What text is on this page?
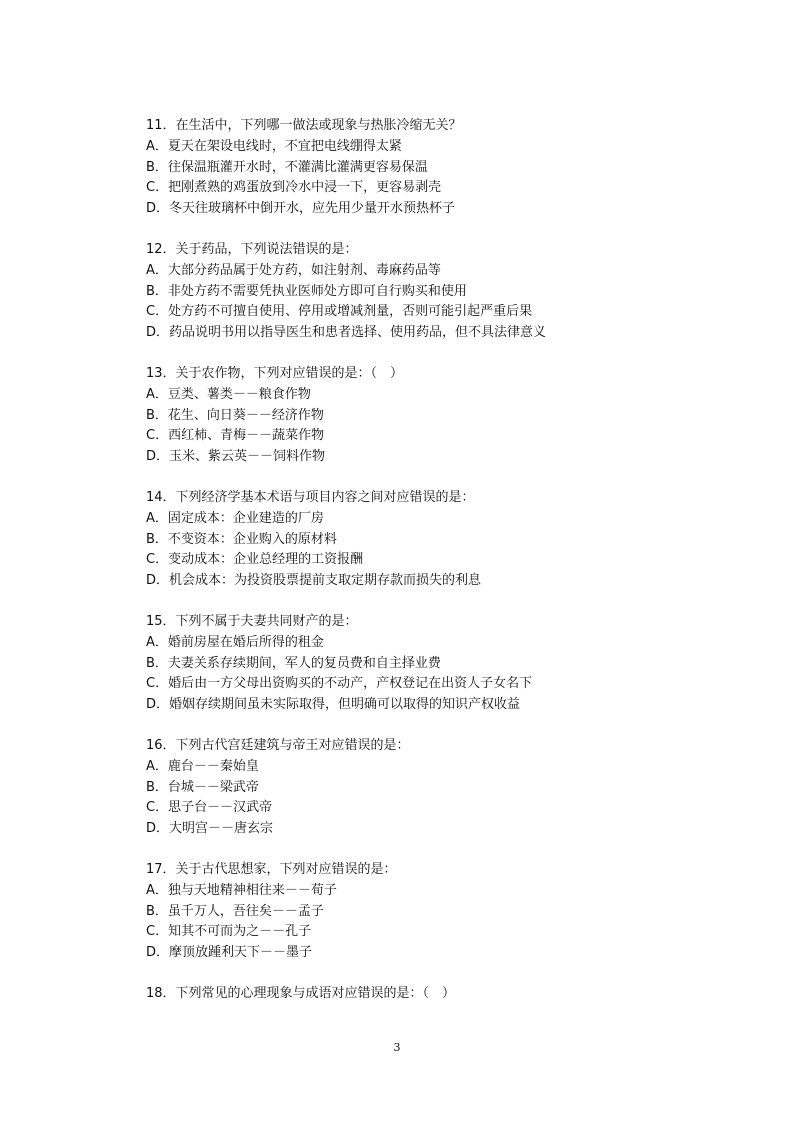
11．在生活中，下列哪一做法或现象与热胀冷缩无关？
A．夏天在架设电线时，不宜把电线绷得太紧
B．往保温瓶灌开水时，不灌满比灌满更容易保温
C．把刚煮熟的鸡蛋放到冷水中浸一下，更容易剥壳
D．冬天往玻璃杯中倒开水，应先用少量开水预热杯子
12．关于药品，下列说法错误的是：
A．大部分药品属于处方药，如注射剂、毒麻药品等
B．非处方药不需要凭执业医师处方即可自行购买和使用
C．处方药不可擅自使用、停用或增减剂量，否则可能引起严重后果
D．药品说明书用以指导医生和患者选择、使用药品，但不具法律意义
13．关于农作物，下列对应错误的是：（　）
A．豆类、薯类－－粮食作物
B．花生、向日葵－－经济作物
C．西红柿、青梅－－蔬菜作物
D．玉米、紫云英－－饲料作物
14．下列经济学基本术语与项目内容之间对应错误的是：
A．固定成本：企业建造的厂房
B．不变资本：企业购入的原材料
C．变动成本：企业总经理的工资报酬
D．机会成本：为投资股票提前支取定期存款而损失的利息
15．下列不属于夫妻共同财产的是：
A．婚前房屋在婚后所得的租金
B．夫妻关系存续期间，军人的复员费和自主择业费
C．婚后由一方父母出资购买的不动产，产权登记在出资人子女名下
D．婚姻存续期间虽未实际取得，但明确可以取得的知识产权收益
16．下列古代宫廷建筑与帝王对应错误的是：
A．鹿台－－秦始皇
B．台城－－梁武帝
C．思子台－－汉武帝
D．大明宫－－唐玄宗
17．关于古代思想家，下列对应错误的是：
A．独与天地精神相往来－－荀子
B．虽千万人，吾往矣－－孟子
C．知其不可而为之－－孔子
D．摩顶放踵利天下－－墨子
18．下列常见的心理现象与成语对应错误的是：（　）
3
